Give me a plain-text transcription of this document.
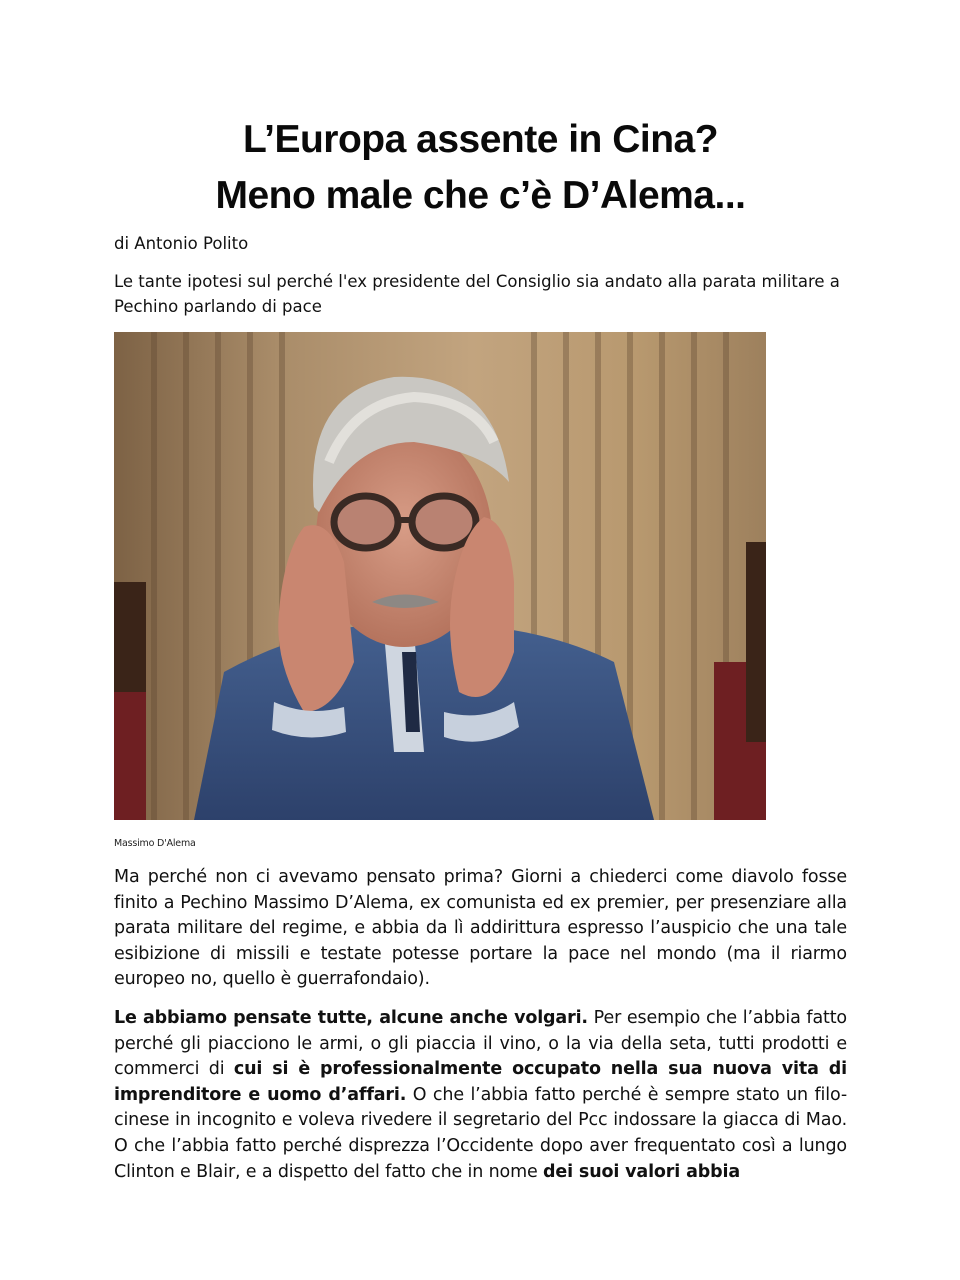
L’Europa assente in Cina?
Meno male che c’è D’Alema...
di Antonio Polito
Le tante ipotesi sul perché l'ex presidente del Consiglio sia andato alla parata militare a Pechino parlando di pace
Massimo D'Alema

Ma perché non ci avevamo pensato prima? Giorni a chiederci come diavolo fosse finito a Pechino Massimo D’Alema, ex comunista ed ex premier, per presenziare alla parata militare del regime, e abbia da lì addirittura espresso l’auspicio che una tale esibizione di missili e testate potesse portare la pace nel mondo (ma il riarmo europeo no, quello è guerrafondaio).

Le abbiamo pensate tutte, alcune anche volgari. Per esempio che l’abbia fatto perché gli piacciono le armi, o gli piaccia il vino, o la via della seta, tutti prodotti e commerci di cui si è professionalmente occupato nella sua nuova vita di imprenditore e uomo d’affari. O che l’abbia fatto perché è sempre stato un filo-cinese in incognito e voleva rivedere il segretario del Pcc indossare la giacca di Mao. O che l’abbia fatto perché disprezza l’Occidente dopo aver frequentato così a lungo Clinton e Blair, e a dispetto del fatto che in nome dei suoi valori abbia
